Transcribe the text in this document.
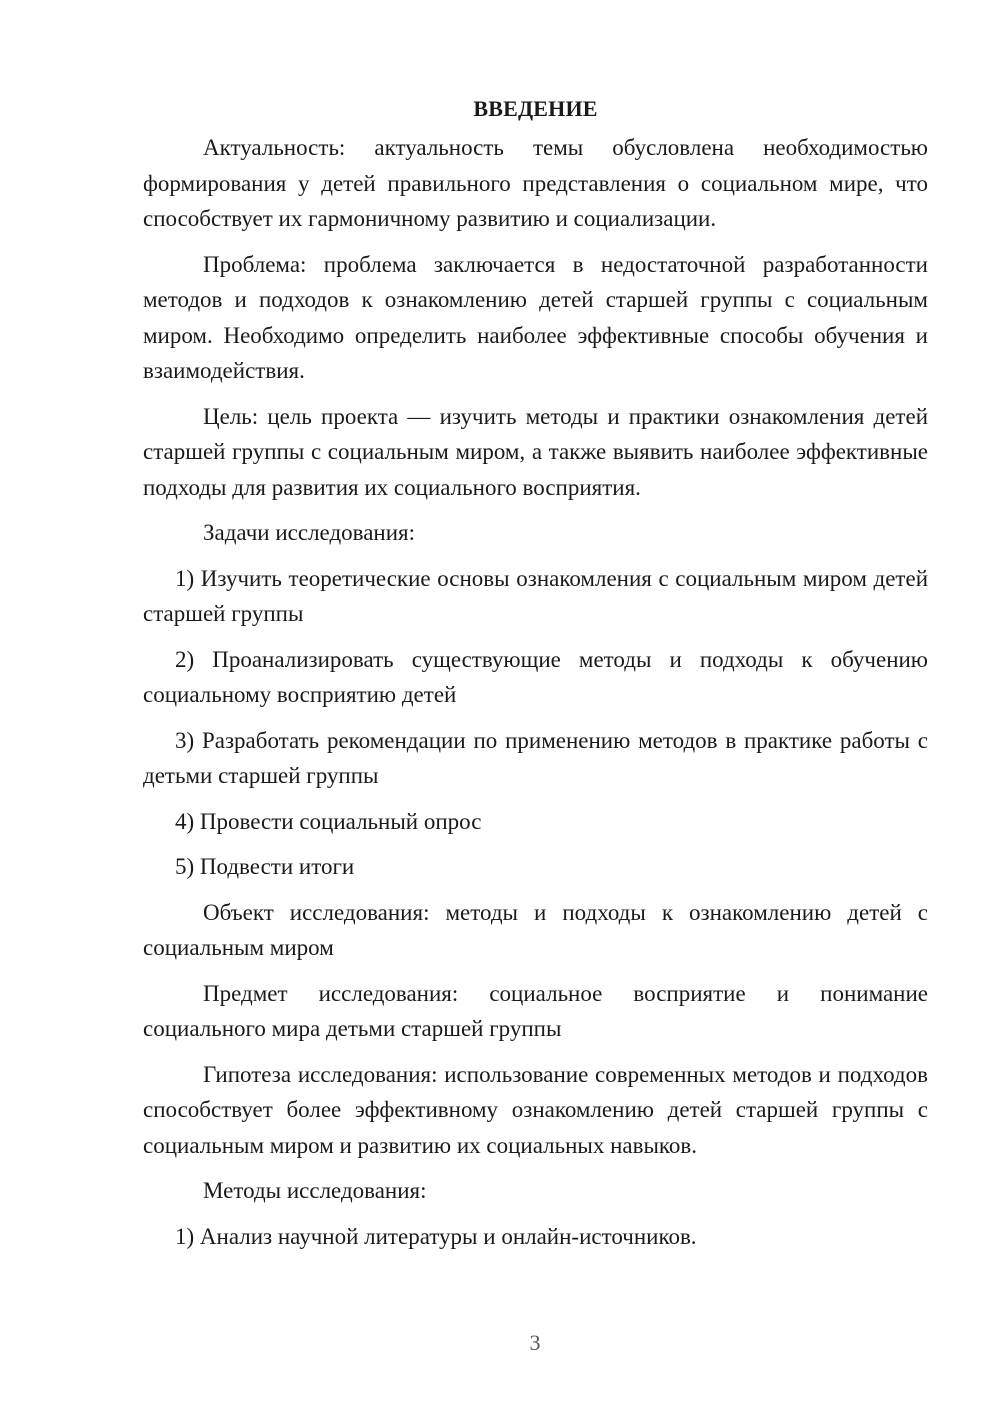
ВВЕДЕНИЕ

Актуальность: актуальность темы обусловлена необходимостью формирования у детей правильного представления о социальном мире, что способствует их гармоничному развитию и социализации.

Проблема: проблема заключается в недостаточной разработанности методов и подходов к ознакомлению детей старшей группы с социальным миром. Необходимо определить наиболее эффективные способы обучения и взаимодействия.

Цель: цель проекта — изучить методы и практики ознакомления детей старшей группы с социальным миром, а также выявить наиболее эффективные подходы для развития их социального восприятия.

Задачи исследования:

1) Изучить теоретические основы ознакомления с социальным миром детей старшей группы

2) Проанализировать существующие методы и подходы к обучению социальному восприятию детей

3) Разработать рекомендации по применению методов в практике работы с детьми старшей группы

4) Провести социальный опрос

5) Подвести итоги

Объект исследования: методы и подходы к ознакомлению детей с социальным миром

Предмет исследования: социальное восприятие и понимание социального мира детьми старшей группы

Гипотеза исследования: использование современных методов и подходов способствует более эффективному ознакомлению детей старшей группы с социальным миром и развитию их социальных навыков.

Методы исследования:

1) Анализ научной литературы и онлайн-источников.

3
